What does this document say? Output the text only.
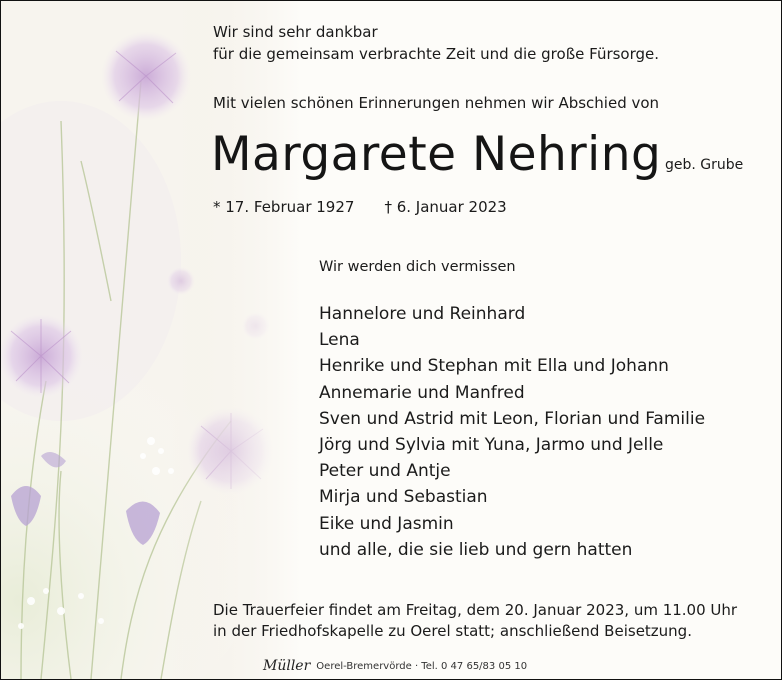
Wir sind sehr dankbar
für die gemeinsam verbrachte Zeit und die große Fürsorge.

Mit vielen schönen Erinnerungen nehmen wir Abschied von

Margarete Nehring geb. Grube

* 17. Februar 1927 † 6. Januar 2023

Wir werden dich vermissen

Hannelore und Reinhard
Lena
Henrike und Stephan mit Ella und Johann
Annemarie und Manfred
Sven und Astrid mit Leon, Florian und Familie
Jörg und Sylvia mit Yuna, Jarmo und Jelle
Peter und Antje
Mirja und Sebastian
Eike und Jasmin
und alle, die sie lieb und gern hatten

Die Trauerfeier findet am Freitag, dem 20. Januar 2023, um 11.00 Uhr
in der Friedhofskapelle zu Oerel statt; anschließend Beisetzung.

Müller Oerel-Bremervörde · Tel. 0 47 65/83 05 10
